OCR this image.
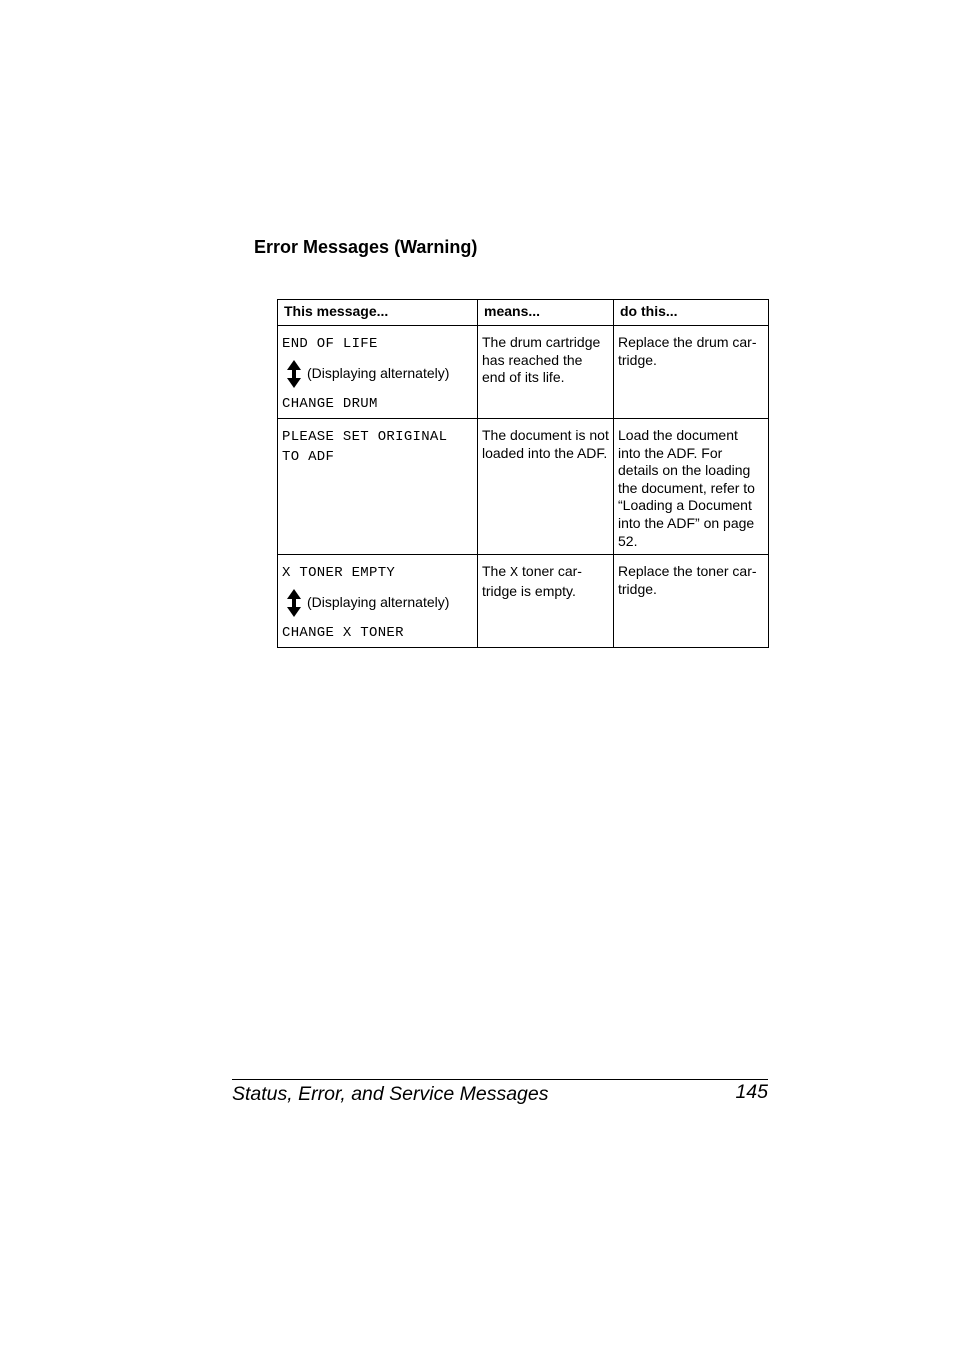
Error Messages (Warning)
This message...	means...	do this...

END OF LIFE
(Displaying alternately)
CHANGE DRUM	The drum cartridge has reached the end of its life.	Replace the drum car-tridge.

PLEASE SET ORIGINAL
TO ADF	The document is not loaded into the ADF.	Load the document into the ADF. For details on the loading the document, refer to “Loading a Document into the ADF” on page 52.

X TONER EMPTY
(Displaying alternately)
CHANGE X TONER	The X toner car-tridge is empty.	Replace the toner car-tridge.
Status, Error, and Service Messages	145
